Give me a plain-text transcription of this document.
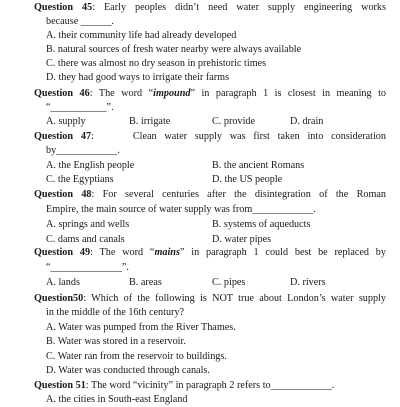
Question 45: Early peoples didn’t need water supply engineering works
because ______.
A. their community life had already developed
B. natural sources of fresh water nearby were always available
C. there was almost no dry season in prehistoric times
D. they had good ways to irrigate their farms
Question 46: The word “impound” in paragraph 1 is closest in meaning to
“___________”.
A. supply	B. irrigate	C. provide	D. drain
Question 47:     Clean water supply was first taken into consideration
by____________.
A. the English people	B. the ancient Romans
C. the Egyptians	D. the US people
Question 48: For several centuries after the disintegration of the Roman
Empire, the main source of water supply was from____________.
A. springs and wells	B. systems of aqueducts
C. dams and canals	D. water pipes
Question 49: The word “mains” in paragraph 1 could best be replaced by
“______________”.
A. lands	B. areas	C. pipes	D. rivers
Question50: Which of the following is NOT true about London’s water supply
in the middle of the 16th century?
A. Water was pumped from the River Thames.
B. Water was stored in a reservoir.
C. Water ran from the reservoir to buildings.
D. Water was conducted through canals.
Question 51: The word “vicinity” in paragraph 2 refers to____________.
A. the cities in South-east England
